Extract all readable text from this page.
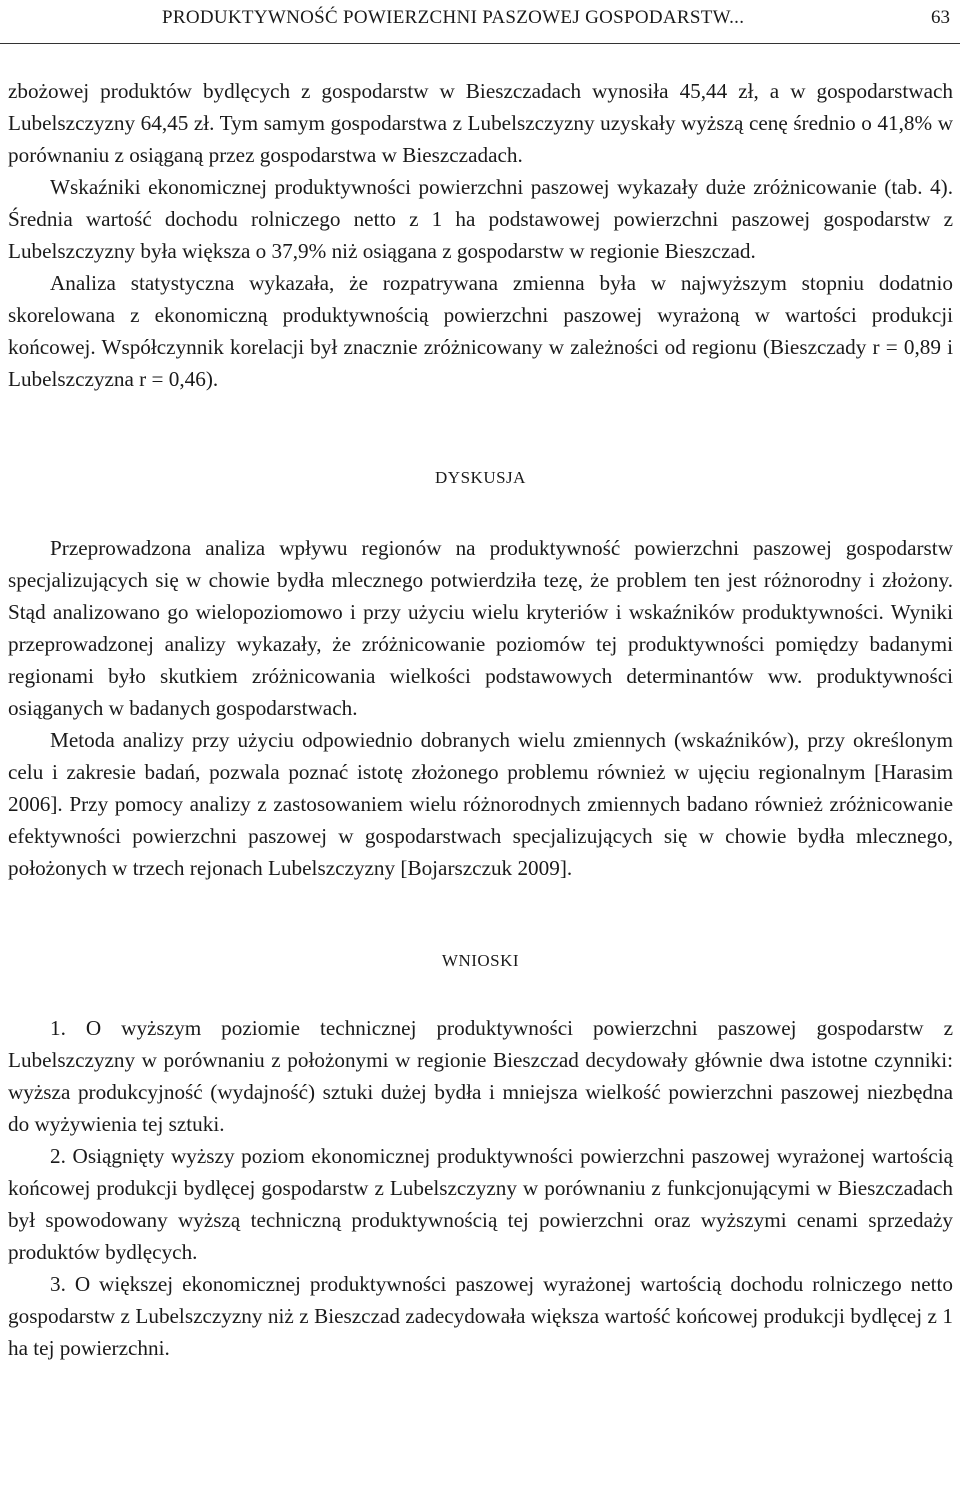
PRODUKTYWNOŚĆ POWIERZCHNI PASZOWEJ GOSPODARSTW...	63

zbożowej produktów bydlęcych z gospodarstw w Bieszczadach wynosiła 45,44 zł, a w gospodarstwach Lubelszczyzny 64,45 zł. Tym samym gospodarstwa z Lubelszczyzny uzyskały wyższą cenę średnio o 41,8% w porównaniu z osiąganą przez gospodarstwa w Bieszczadach.

Wskaźniki ekonomicznej produktywności powierzchni paszowej wykazały duże zróżnicowanie (tab. 4). Średnia wartość dochodu rolniczego netto z 1 ha podstawowej powierzchni paszowej gospodarstw z Lubelszczyzny była większa o 37,9% niż osiągana z gospodarstw w regionie Bieszczad.

Analiza statystyczna wykazała, że rozpatrywana zmienna była w najwyższym stopniu dodatnio skorelowana z ekonomiczną produktywnością powierzchni paszowej wyrażoną w wartości produkcji końcowej. Współczynnik korelacji był znacznie zróżnicowany w zależności od regionu (Bieszczady r = 0,89 i Lubelszczyzna r = 0,46).

DYSKUSJA

Przeprowadzona analiza wpływu regionów na produktywność powierzchni paszowej gospodarstw specjalizujących się w chowie bydła mlecznego potwierdziła tezę, że problem ten jest różnorodny i złożony. Stąd analizowano go wielopoziomowo i przy użyciu wielu kryteriów i wskaźników produktywności. Wyniki przeprowadzonej analizy wykazały, że zróżnicowanie poziomów tej produktywności pomiędzy badanymi regionami było skutkiem zróżnicowania wielkości podstawowych determinantów ww. produktywności osiąganych w badanych gospodarstwach.

Metoda analizy przy użyciu odpowiednio dobranych wielu zmiennych (wskaźników), przy określonym celu i zakresie badań, pozwala poznać istotę złożonego problemu również w ujęciu regionalnym [Harasim 2006]. Przy pomocy analizy z zastosowaniem wielu różnorodnych zmiennych badano również zróżnicowanie efektywności powierzchni paszowej w gospodarstwach specjalizujących się w chowie bydła mlecznego, położonych w trzech rejonach Lubelszczyzny [Bojarszczuk 2009].

WNIOSKI

1. O wyższym poziomie technicznej produktywności powierzchni paszowej gospodarstw z Lubelszczyzny w porównaniu z położonymi w regionie Bieszczad decydowały głównie dwa istotne czynniki: wyższa produkcyjność (wydajność) sztuki dużej bydła i mniejsza wielkość powierzchni paszowej niezbędna do wyżywienia tej sztuki.

2. Osiągnięty wyższy poziom ekonomicznej produktywności powierzchni paszowej wyrażonej wartością końcowej produkcji bydlęcej gospodarstw z Lubelszczyzny w porównaniu z funkcjonującymi w Bieszczadach był spowodowany wyższą techniczną produktywnością tej powierzchni oraz wyższymi cenami sprzedaży produktów bydlęcych.

3. O większej ekonomicznej produktywności paszowej wyrażonej wartością dochodu rolniczego netto gospodarstw z Lubelszczyzny niż z Bieszczad zadecydowała większa wartość końcowej produkcji bydlęcej z 1 ha tej powierzchni.
